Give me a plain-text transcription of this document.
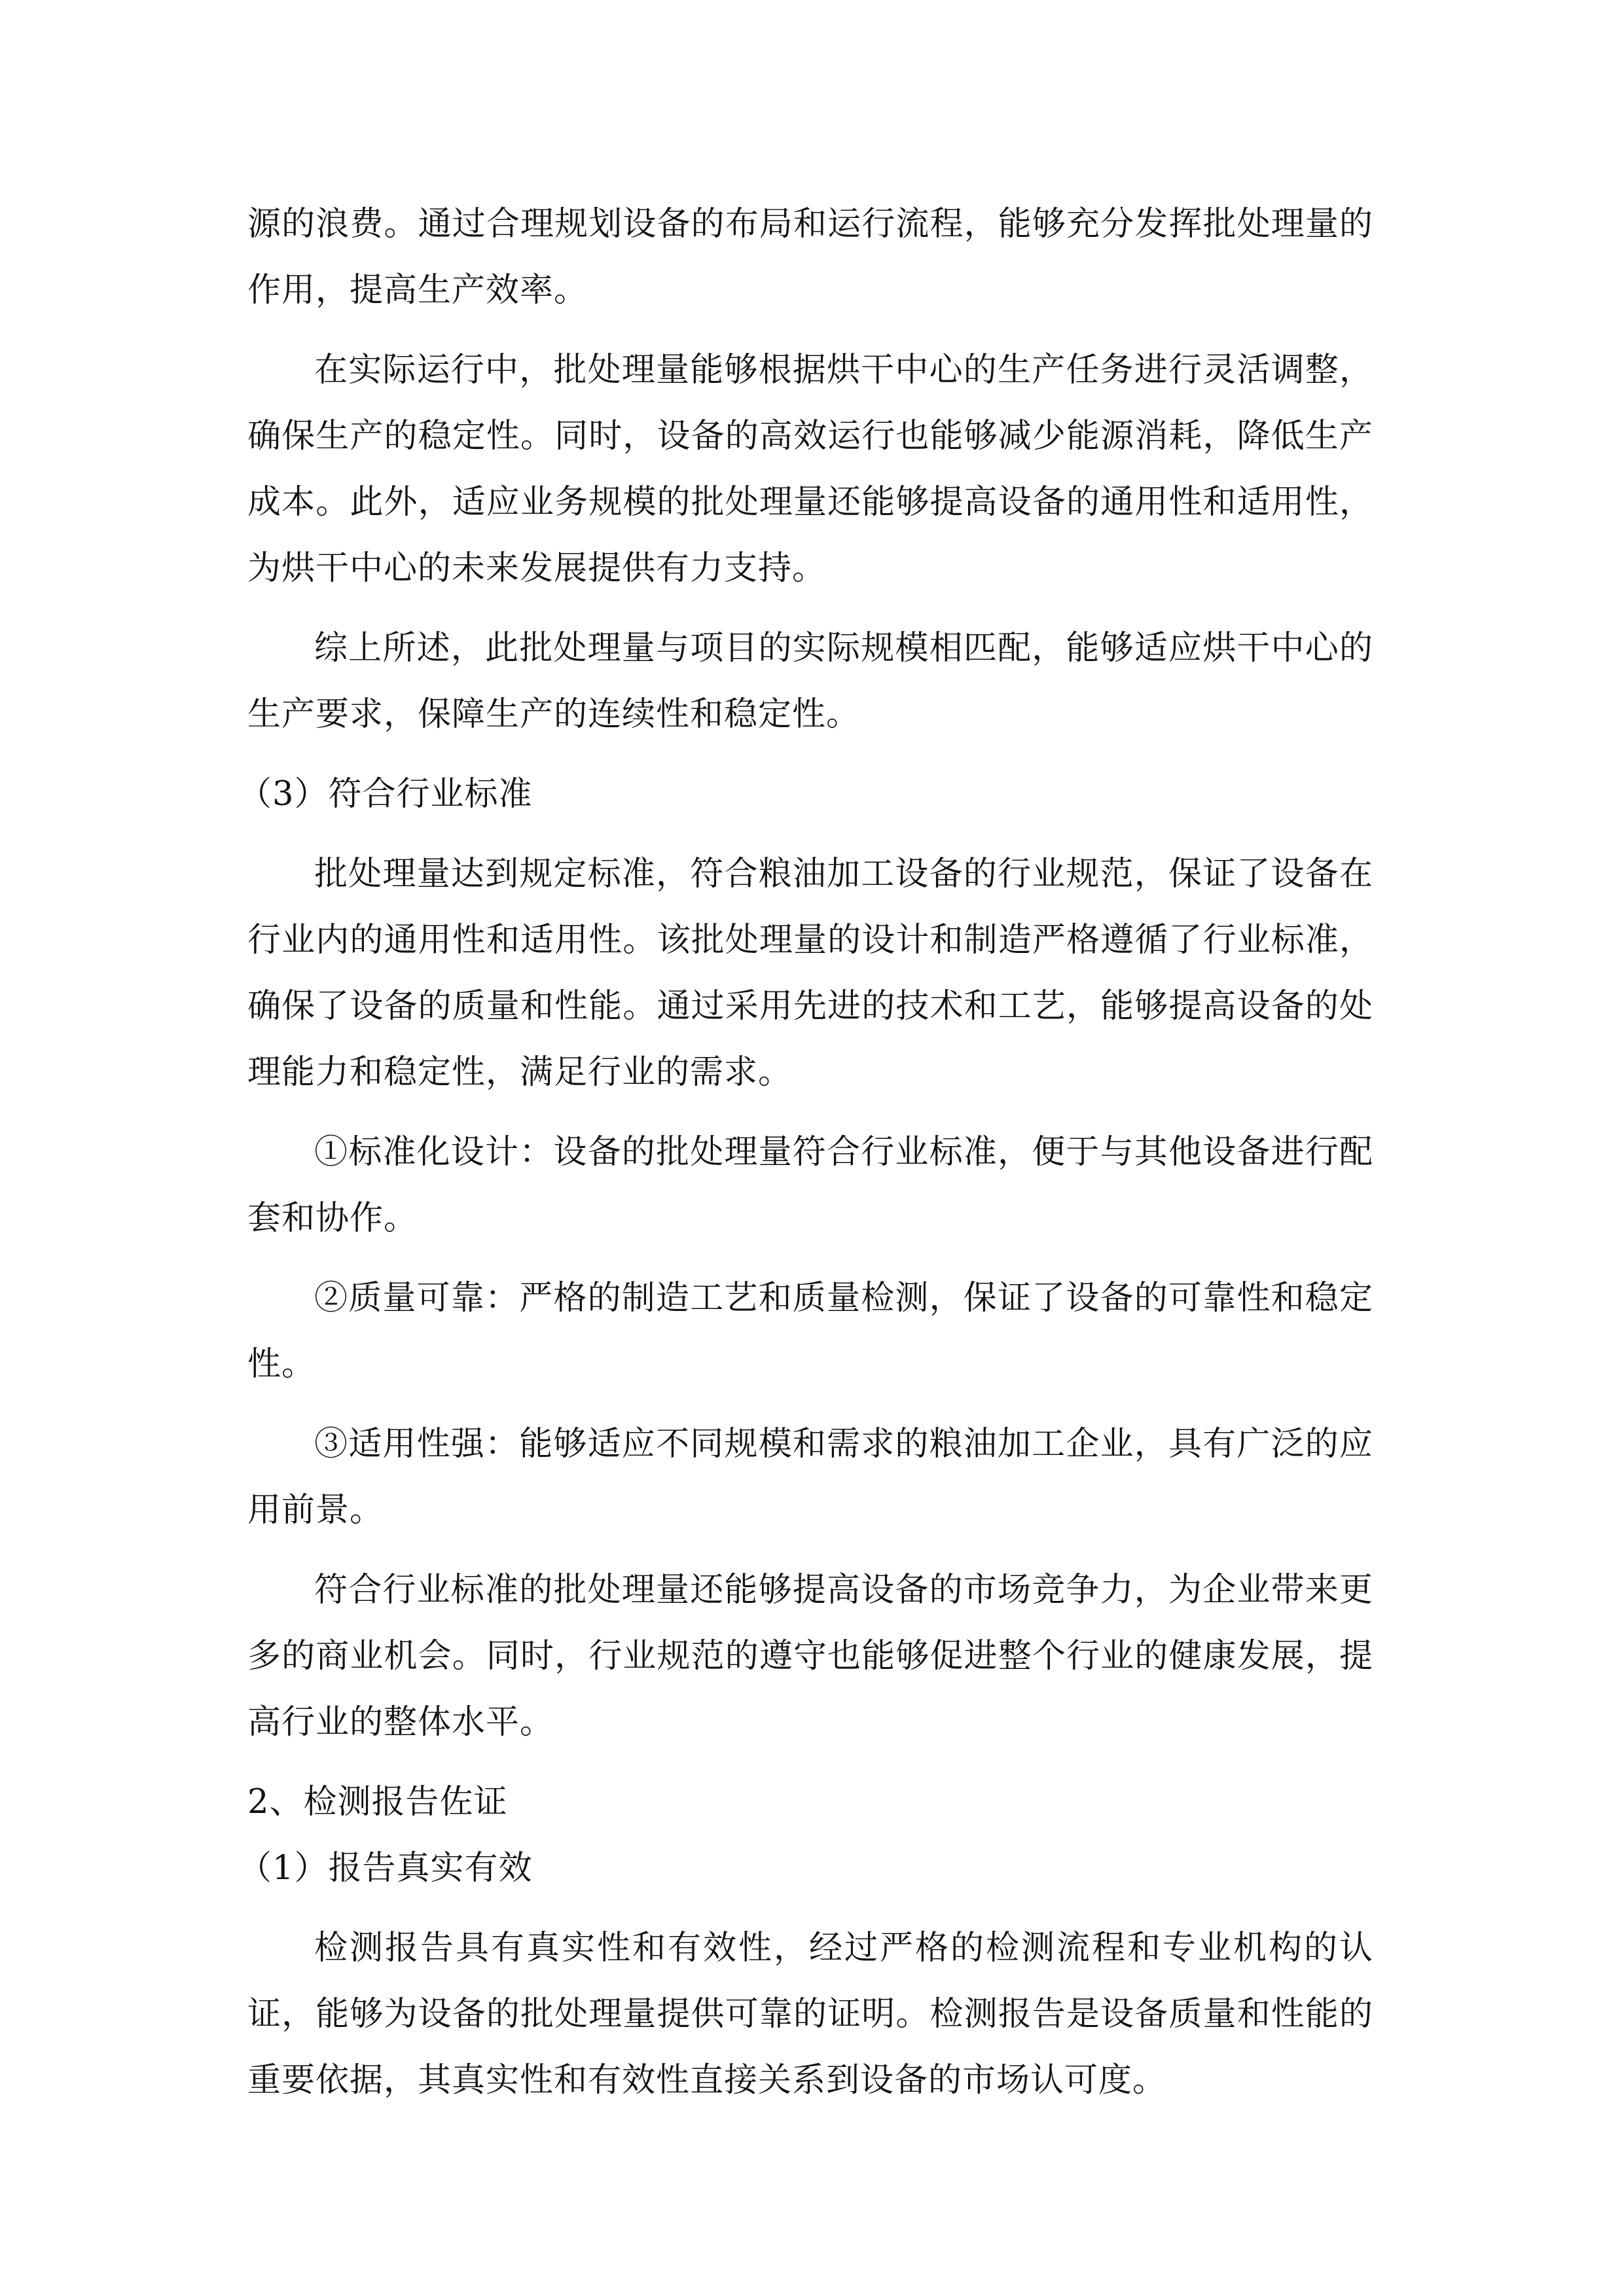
源的浪费。通过合理规划设备的布局和运行流程，能够充分发挥批处理量的作用，提高生产效率。

在实际运行中，批处理量能够根据烘干中心的生产任务进行灵活调整，确保生产的稳定性。同时，设备的高效运行也能够减少能源消耗，降低生产成本。此外，适应业务规模的批处理量还能够提高设备的通用性和适用性，为烘干中心的未来发展提供有力支持。

综上所述，此批处理量与项目的实际规模相匹配，能够适应烘干中心的生产要求，保障生产的连续性和稳定性。

（3）符合行业标准

批处理量达到规定标准，符合粮油加工设备的行业规范，保证了设备在行业内的通用性和适用性。该批处理量的设计和制造严格遵循了行业标准，确保了设备的质量和性能。通过采用先进的技术和工艺，能够提高设备的处理能力和稳定性，满足行业的需求。

①标准化设计：设备的批处理量符合行业标准，便于与其他设备进行配套和协作。

②质量可靠：严格的制造工艺和质量检测，保证了设备的可靠性和稳定性。

③适用性强：能够适应不同规模和需求的粮油加工企业，具有广泛的应用前景。

符合行业标准的批处理量还能够提高设备的市场竞争力，为企业带来更多的商业机会。同时，行业规范的遵守也能够促进整个行业的健康发展，提高行业的整体水平。

2、检测报告佐证

（1）报告真实有效

检测报告具有真实性和有效性，经过严格的检测流程和专业机构的认证，能够为设备的批处理量提供可靠的证明。检测报告是设备质量和性能的重要依据，其真实性和有效性直接关系到设备的市场认可度。
